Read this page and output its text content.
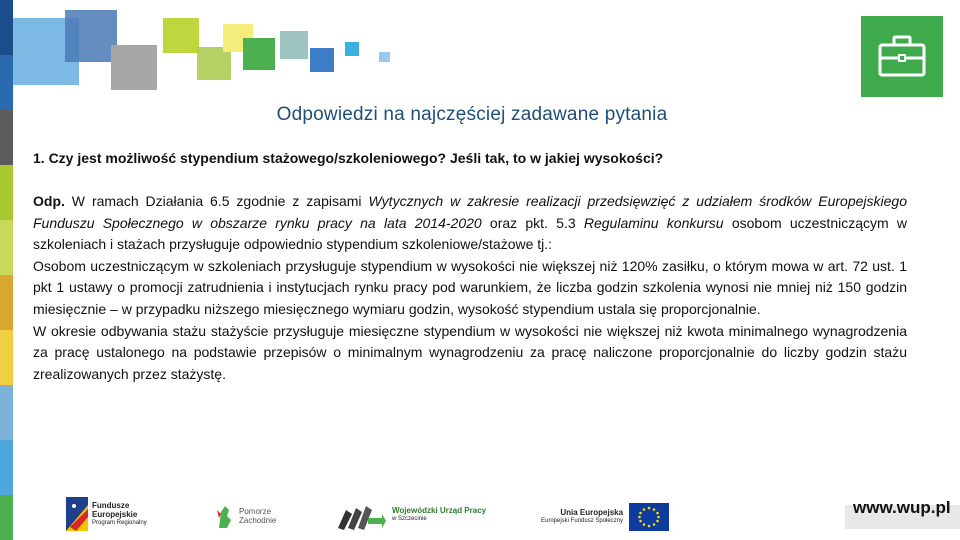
Odpowiedzi na najczęściej zadawane pytania
1. Czy jest możliwość stypendium stażowego/szkoleniowego? Jeśli tak, to w jakiej wysokości?

Odp. W ramach Działania 6.5 zgodnie z zapisami Wytycznych w zakresie realizacji przedsięwzięć z udziałem środków Europejskiego Funduszu Społecznego w obszarze rynku pracy na lata 2014-2020 oraz pkt. 5.3 Regulaminu konkursu osobom uczestniczącym w szkoleniach i stażach przysługuje odpowiednio stypendium szkoleniowe/stażowe tj.:

Osobom uczestniczącym w szkoleniach przysługuje stypendium w wysokości nie większej niż 120% zasiłku, o którym mowa w art. 72 ust. 1 pkt 1 ustawy o promocji zatrudnienia i instytucjach rynku pracy pod warunkiem, że liczba godzin szkolenia wynosi nie mniej niż 150 godzin miesięcznie – w przypadku niższego miesięcznego wymiaru godzin, wysokość stypendium ustala się proporcjonalnie.

W okresie odbywania stażu stażyście przysługuje miesięczne stypendium w wysokości nie większej niż kwota minimalnego wynagrodzenia za pracę ustalonego na podstawie przepisów o minimalnym wynagrodzeniu za pracę naliczone proporcjonalnie do liczby godzin stażu zrealizowanych przez stażystę.

Fundusze
Europejskie
Program Regionalny
Pomorze
Zachodnie
Wojewódzki Urząd Pracy
w Szczecinie
Unia Europejska
Europejski Fundusz Społeczny
www.wup.pl
